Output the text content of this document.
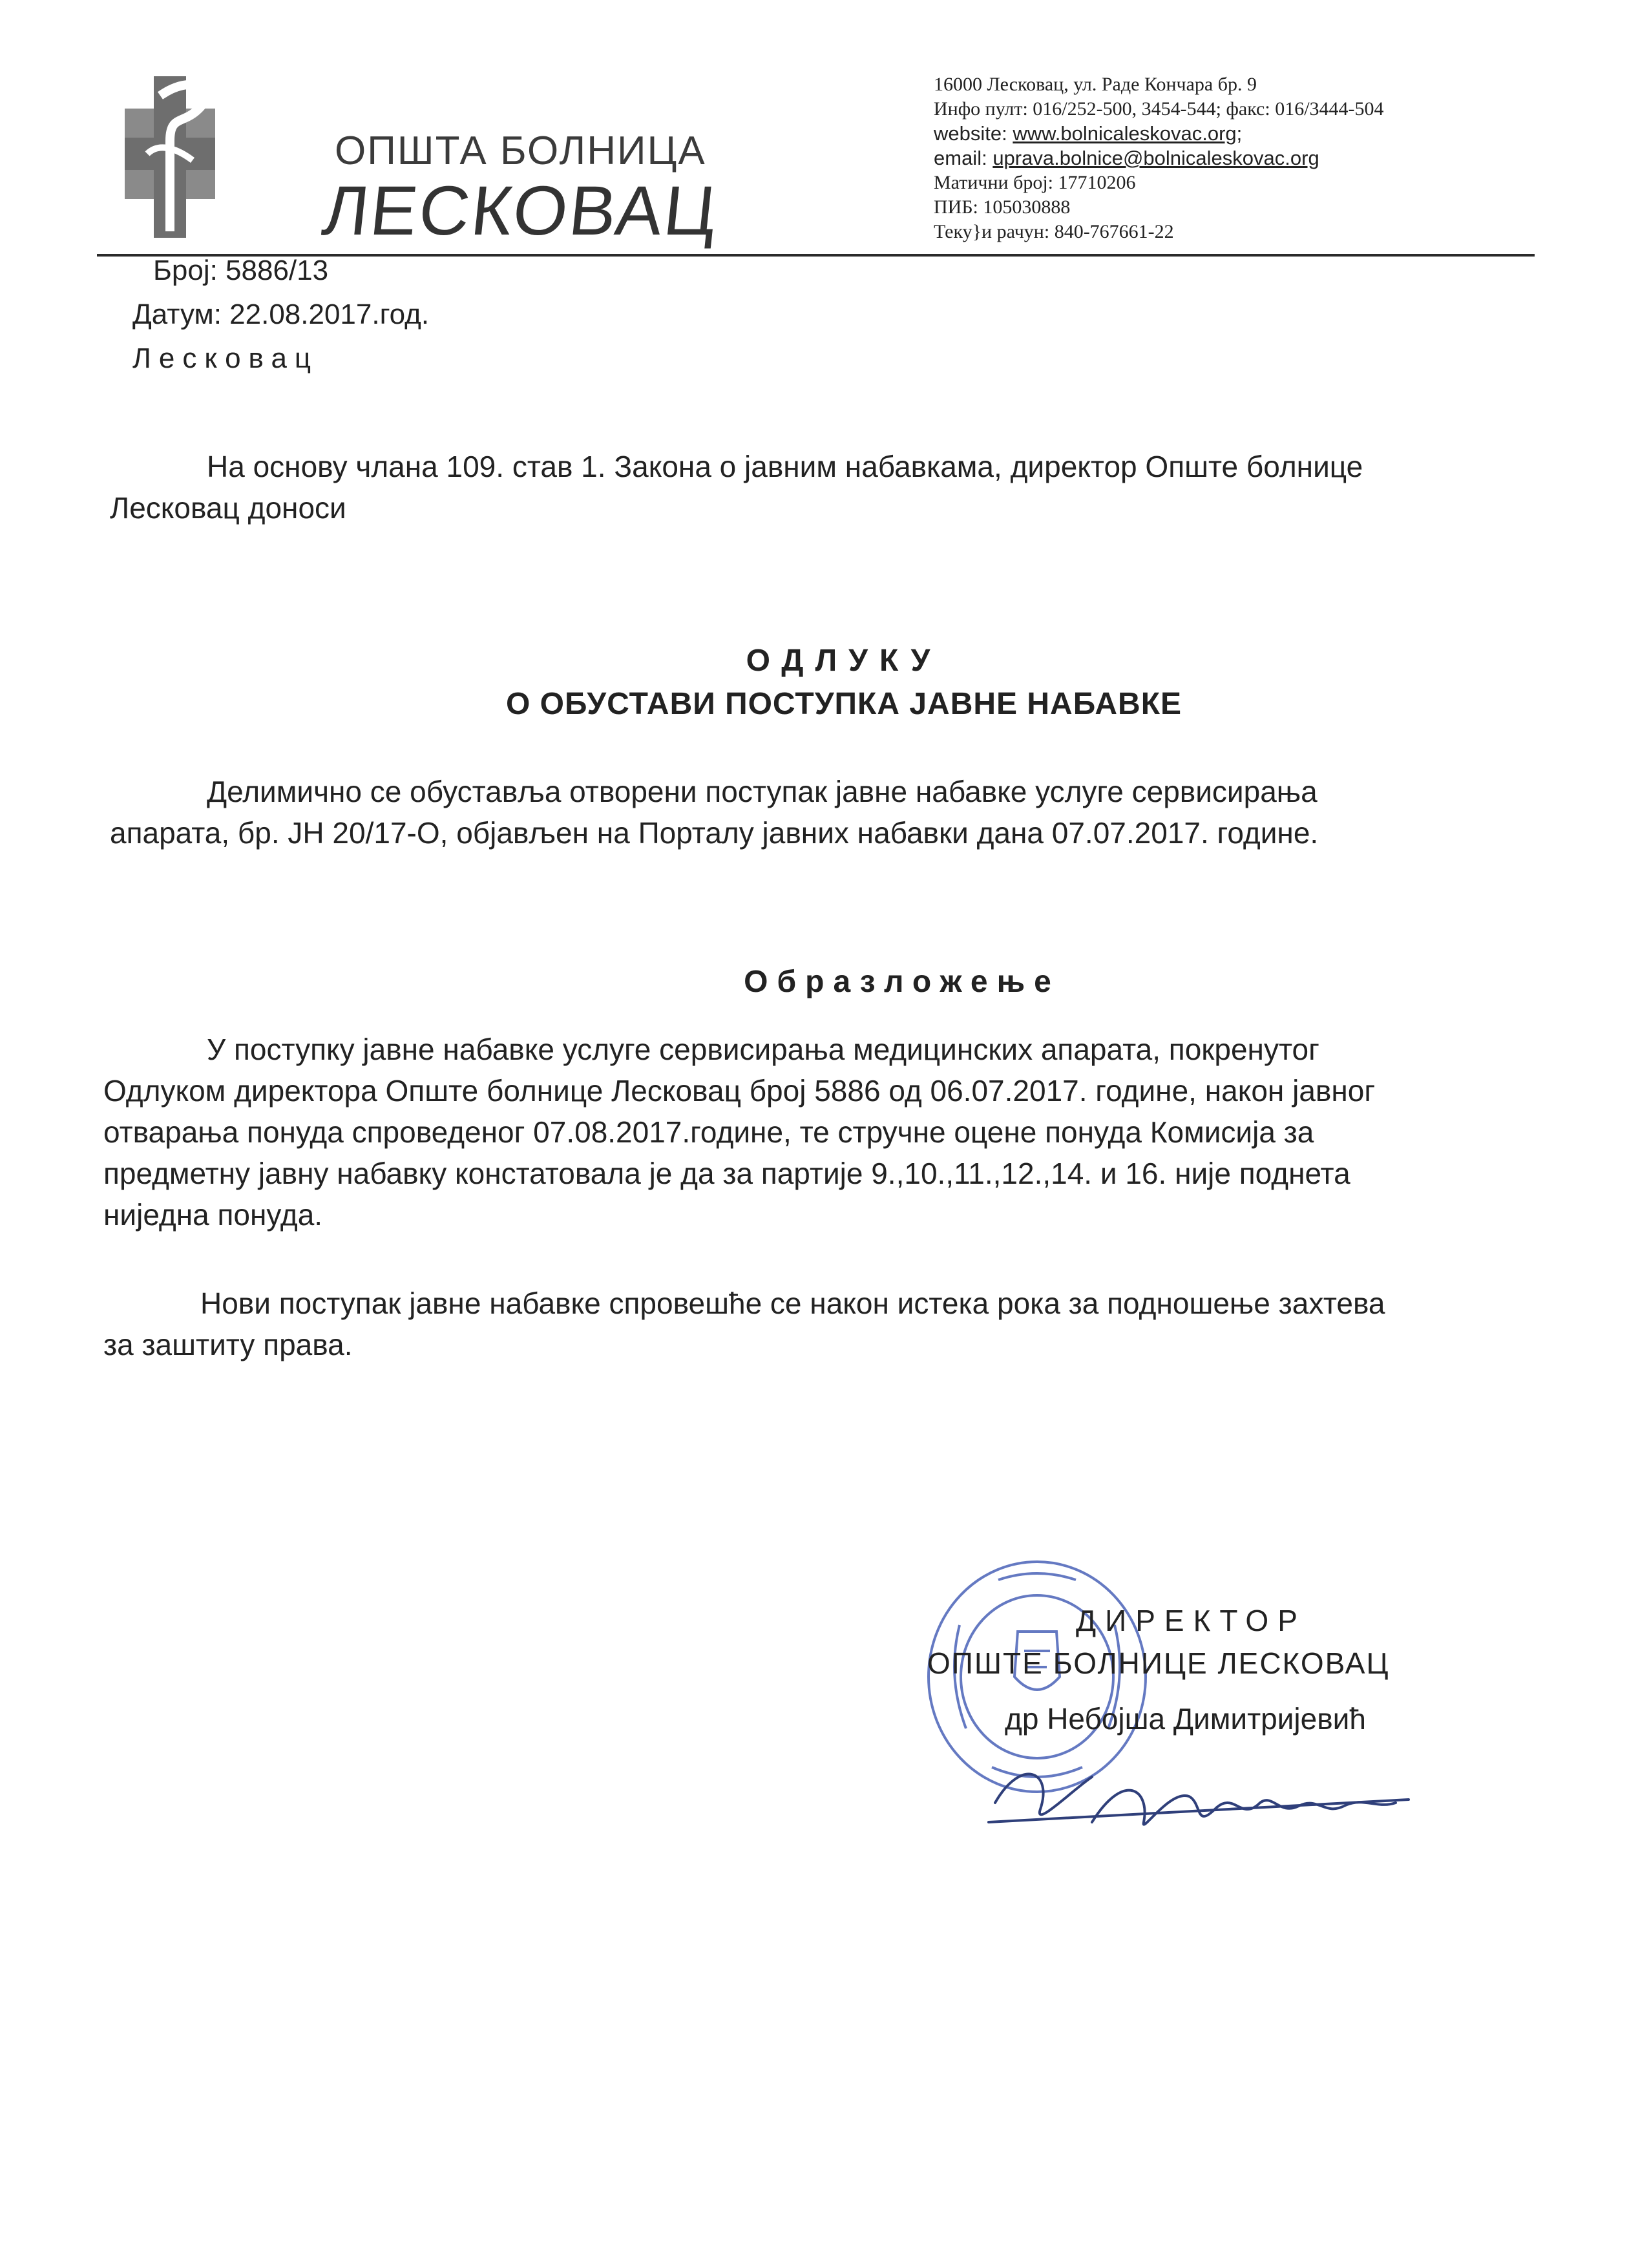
ОПШТА БОЛНИЦА
ЛЕСКОВАЦ
16000 Лесковац, ул. Раде Кончара бр. 9
Инфо пулт: 016/252-500, 3454-544; факс: 016/3444-504
website: www.bolnicaleskovac.org;
email: uprava.bolnice@bolnicaleskovac.org
Матични број: 17710206
ПИБ: 105030888
Теку}и рачун: 840-767661-22
Број: 5886/13
Датум: 22.08.2017.год.
Лесковац
На основу члана 109. став 1. Закона о јавним набавкама, директор Опште болнице
Лесковац доноси
ОДЛУКУ
О ОБУСТАВИ ПОСТУПКА ЈАВНЕ НАБАВКЕ
Делимично се обуставља отворени поступак јавне набавке услуге сервисирања
апарата, бр. ЈН 20/17-О, објављен на Порталу јавних набавки дана 07.07.2017. године.
Образложење
У поступку јавне набавке услуге сервисирања медицинских апарата, покренутог
Одлуком директора Опште болнице Лесковац број 5886 од 06.07.2017. године, након јавног
отварања понуда спроведеног 07.08.2017.године, те стручне оцене понуда Комисија за
предметну јавну набавку констатовала је да за партије 9.,10.,11.,12.,14. и 16. није поднета
ниједна понуда.
Нови поступак јавне набавке спровешће се након истека рока за подношење захтева
за заштиту права.
ДИРЕКТОР
ОПШТЕ БОЛНИЦЕ ЛЕСКОВАЦ
др Небојша Димитријевић
